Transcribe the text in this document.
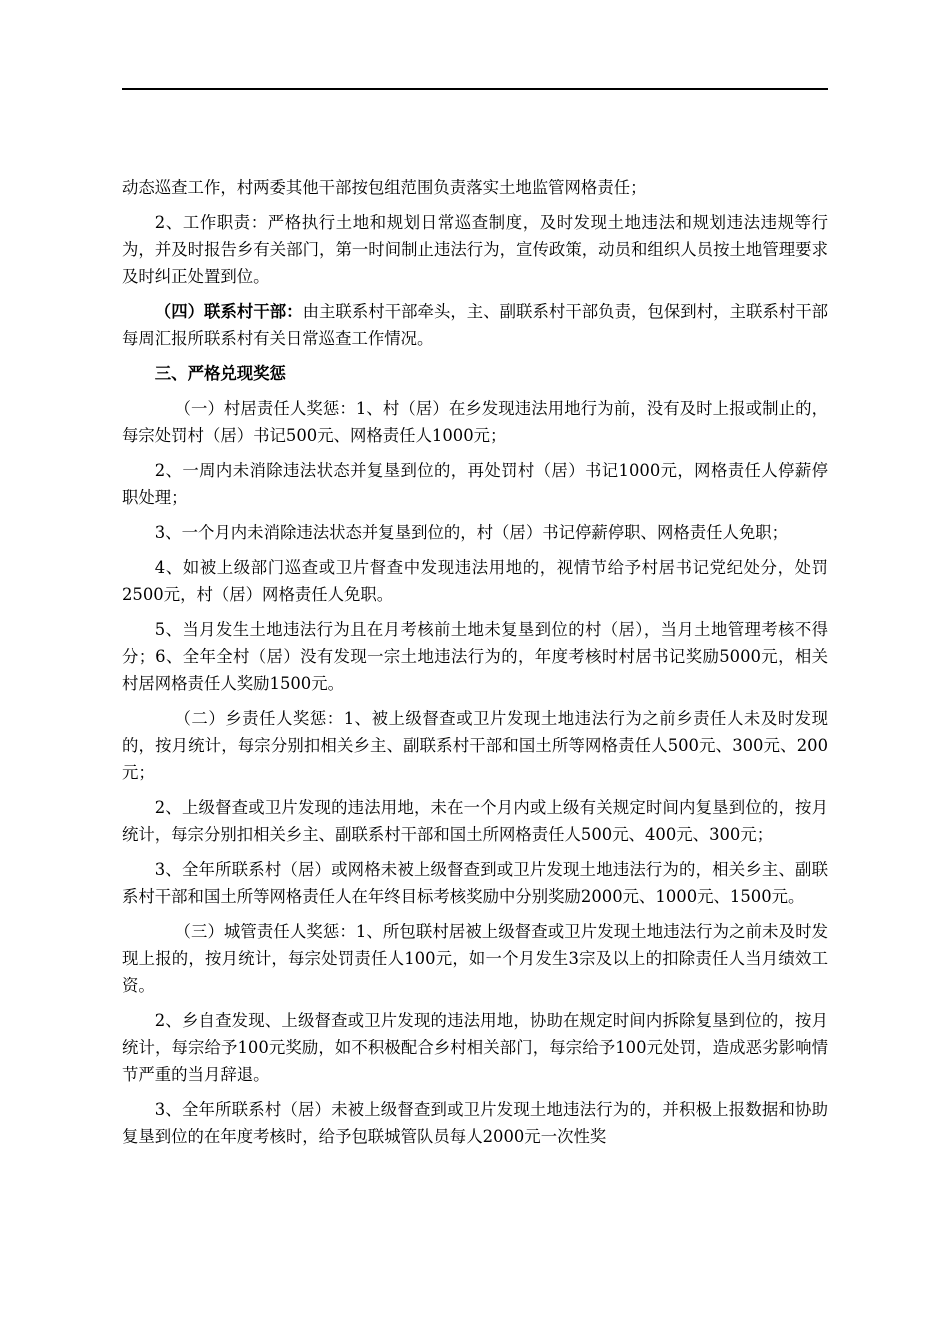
动态巡查工作，村两委其他干部按包组范围负责落实土地监管网格责任；

2、工作职责：严格执行土地和规划日常巡查制度，及时发现土地违法和规划违法违规等行为，并及时报告乡有关部门，第一时间制止违法行为，宣传政策，动员和组织人员按土地管理要求及时纠正处置到位。

（四）联系村干部：由主联系村干部牵头，主、副联系村干部负责，包保到村，主联系村干部每周汇报所联系村有关日常巡查工作情况。

三、严格兑现奖惩

（一）村居责任人奖惩：1、村（居）在乡发现违法用地行为前，没有及时上报或制止的，每宗处罚村（居）书记500元、网格责任人1000元；

2、一周内未消除违法状态并复垦到位的，再处罚村（居）书记1000元，网格责任人停薪停职处理；

3、一个月内未消除违法状态并复垦到位的，村（居）书记停薪停职、网格责任人免职；

4、如被上级部门巡查或卫片督查中发现违法用地的，视情节给予村居书记党纪处分，处罚2500元，村（居）网格责任人免职。

5、当月发生土地违法行为且在月考核前土地未复垦到位的村（居），当月土地管理考核不得分；6、全年全村（居）没有发现一宗土地违法行为的，年度考核时村居书记奖励5000元，相关村居网格责任人奖励1500元。

（二）乡责任人奖惩：1、被上级督查或卫片发现土地违法行为之前乡责任人未及时发现的，按月统计，每宗分别扣相关乡主、副联系村干部和国土所等网格责任人500元、300元、200元；

2、上级督查或卫片发现的违法用地，未在一个月内或上级有关规定时间内复垦到位的，按月统计，每宗分别扣相关乡主、副联系村干部和国土所网格责任人500元、400元、300元；

3、全年所联系村（居）或网格未被上级督查到或卫片发现土地违法行为的，相关乡主、副联系村干部和国土所等网格责任人在年终目标考核奖励中分别奖励2000元、1000元、1500元。

（三）城管责任人奖惩：1、所包联村居被上级督查或卫片发现土地违法行为之前未及时发现上报的，按月统计，每宗处罚责任人100元，如一个月发生3宗及以上的扣除责任人当月绩效工资。

2、乡自查发现、上级督查或卫片发现的违法用地，协助在规定时间内拆除复垦到位的，按月统计，每宗给予100元奖励，如不积极配合乡村相关部门，每宗给予100元处罚，造成恶劣影响情节严重的当月辞退。

3、全年所联系村（居）未被上级督查到或卫片发现土地违法行为的，并积极上报数据和协助复垦到位的在年度考核时，给予包联城管队员每人2000元一次性奖
